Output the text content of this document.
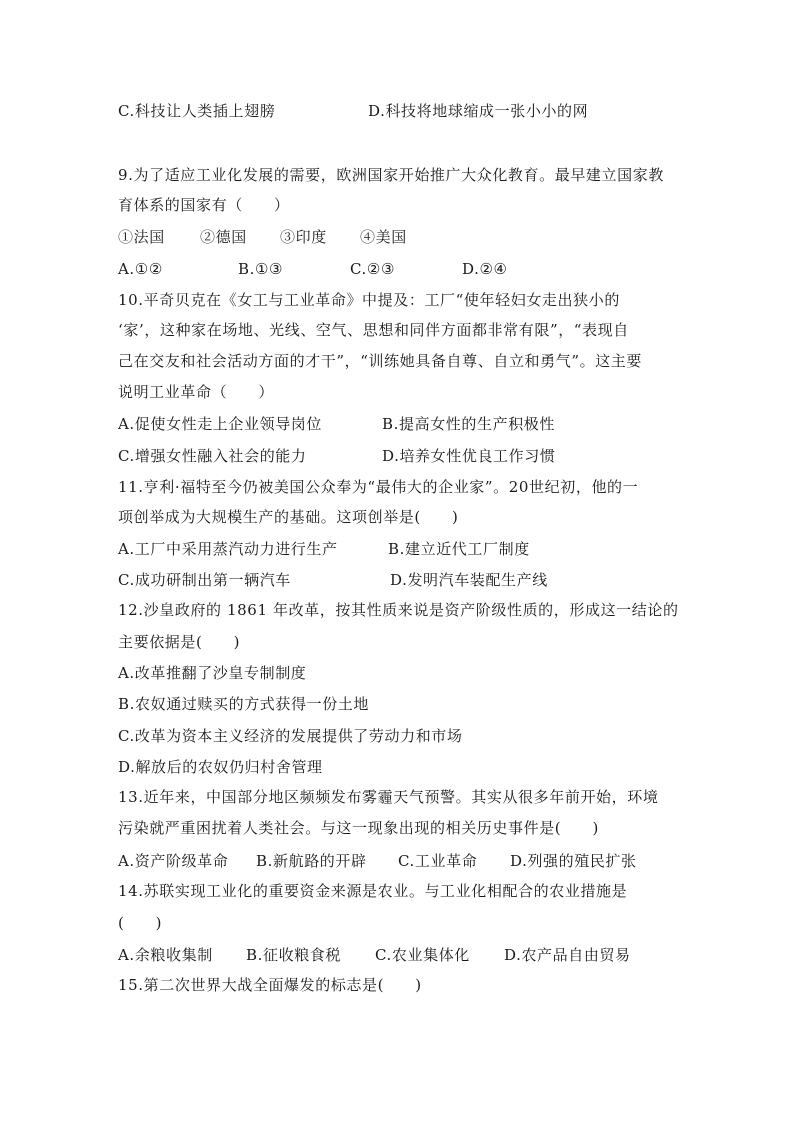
C.科技让人类插上翅膀	D.科技将地球缩成一张小小的网
9.为了适应工业化发展的需要，欧洲国家开始推广大众化教育。最早建立国家教
育体系的国家有（　　）
①法国 ②德国 ③印度 ④美国
A.①②	B.①③	C.②③	D.②④
10.平奇贝克在《女工与工业革命》中提及：工厂“使年轻妇女走出狭小的
‘家’，这种家在场地、光线、空气、思想和同伴方面都非常有限”，“表现自
己在交友和社会活动方面的才干”，“训练她具备自尊、自立和勇气”。这主要
说明工业革命（　　）
A.促使女性走上企业领导岗位	B.提高女性的生产积极性
C.增强女性融入社会的能力	D.培养女性优良工作习惯
11.亨利·福特至今仍被美国公众奉为“最伟大的企业家”。20世纪初，他的一
项创举成为大规模生产的基础。这项创举是(　　)
A.工厂中采用蒸汽动力进行生产	B.建立近代工厂制度
C.成功研制出第一辆汽车	D.发明汽车装配生产线
12.沙皇政府的 1861 年改革，按其性质来说是资产阶级性质的，形成这一结论的
主要依据是(　　)
A.改革推翻了沙皇专制制度
B.农奴通过赎买的方式获得一份土地
C.改革为资本主义经济的发展提供了劳动力和市场
D.解放后的农奴仍归村舍管理
13.近年来，中国部分地区频频发布雾霾天气预警。其实从很多年前开始，环境
污染就严重困扰着人类社会。与这一现象出现的相关历史事件是(　　)
A.资产阶级革命 B.新航路的开辟 C.工业革命 D.列强的殖民扩张
14.苏联实现工业化的重要资金来源是农业。与工业化相配合的农业措施是
(　　)
A.余粮收集制 B.征收粮食税 C.农业集体化 D.农产品自由贸易
15.第二次世界大战全面爆发的标志是(　　)
